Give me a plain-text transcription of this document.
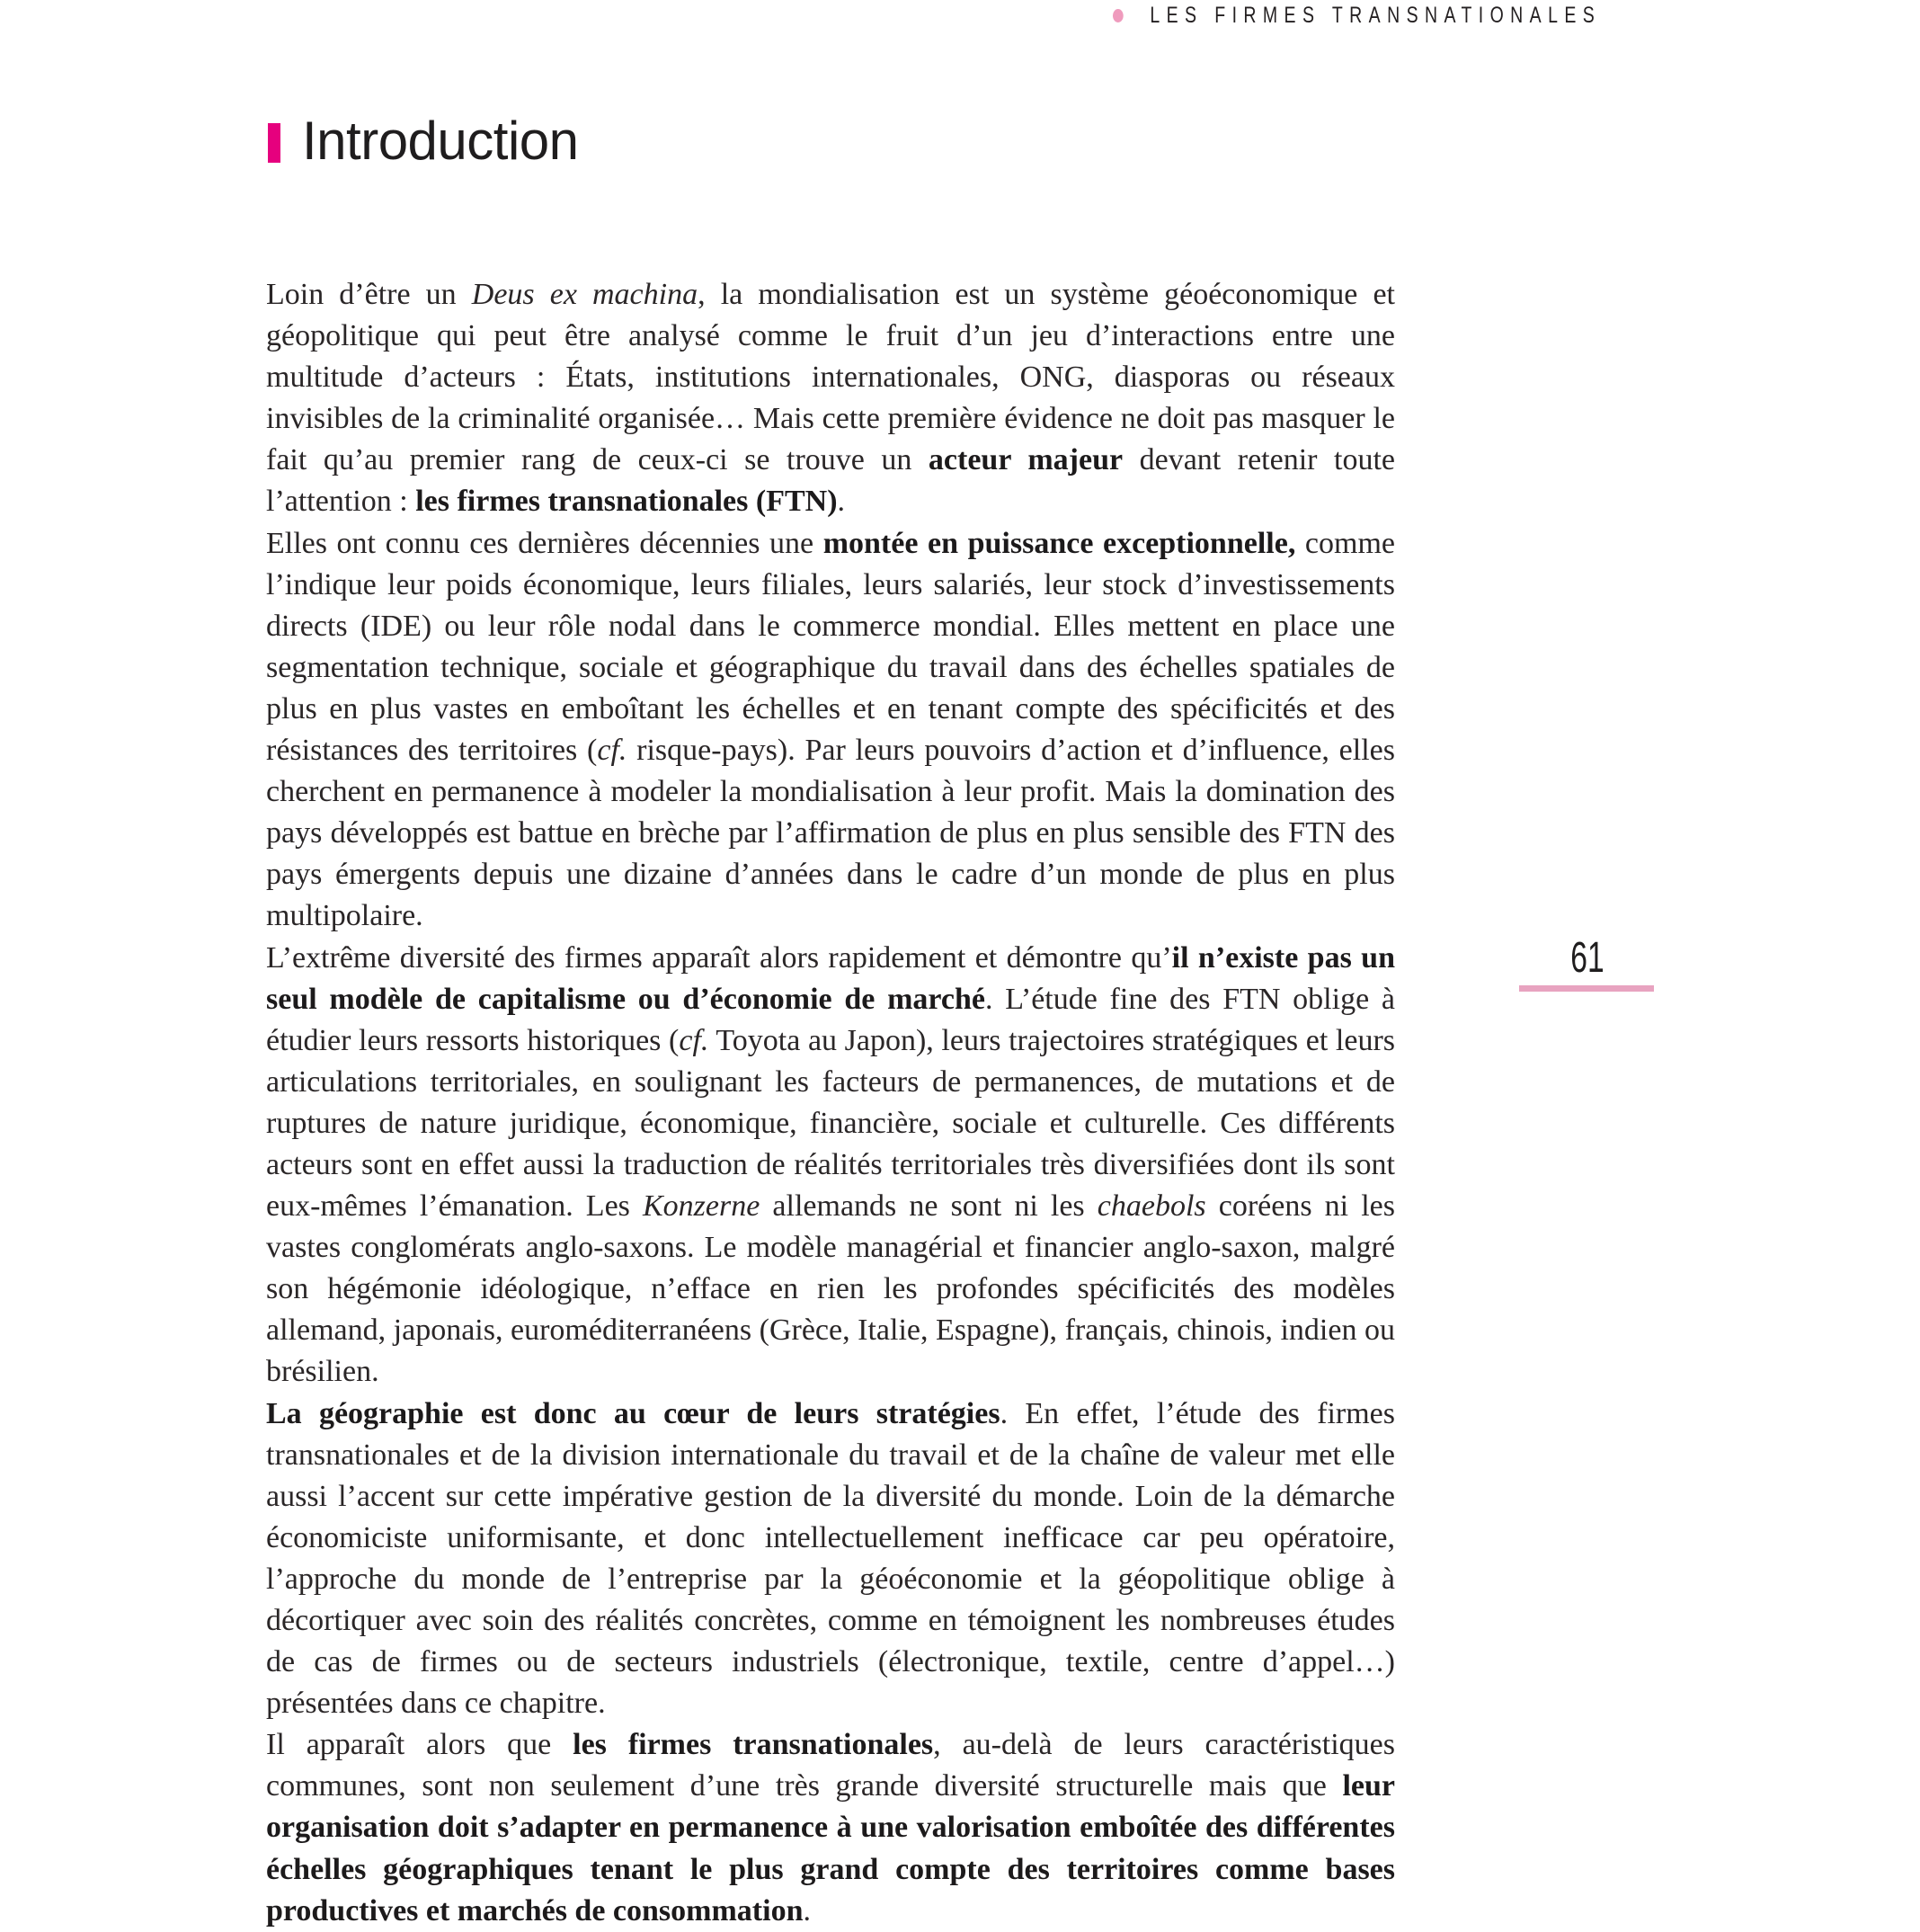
LES FIRMES TRANSNATIONALES
Introduction

Loin d’être un Deus ex machina, la mondialisation est un système géoéconomique et géopolitique qui peut être analysé comme le fruit d’un jeu d’interactions entre une multitude d’acteurs : États, institutions internationales, ONG, diasporas ou réseaux invisibles de la criminalité organisée… Mais cette première évidence ne doit pas masquer le fait qu’au premier rang de ceux-ci se trouve un acteur majeur devant retenir toute l’attention : les firmes transnationales (FTN).

Elles ont connu ces dernières décennies une montée en puissance exceptionnelle, comme l’indique leur poids économique, leurs filiales, leurs salariés, leur stock d’investissements directs (IDE) ou leur rôle nodal dans le commerce mondial. Elles mettent en place une segmentation technique, sociale et géographique du travail dans des échelles spatiales de plus en plus vastes en emboîtant les échelles et en tenant compte des spécificités et des résistances des territoires (cf. risque-pays). Par leurs pouvoirs d’action et d’influence, elles cherchent en permanence à modeler la mondialisation à leur profit. Mais la domination des pays développés est battue en brèche par l’affirmation de plus en plus sensible des FTN des pays émergents depuis une dizaine d’années dans le cadre d’un monde de plus en plus multipolaire.

L’extrême diversité des firmes apparaît alors rapidement et démontre qu’il n’existe pas un seul modèle de capitalisme ou d’économie de marché. L’étude fine des FTN oblige à étudier leurs ressorts historiques (cf. Toyota au Japon), leurs trajectoires stratégiques et leurs articulations territoriales, en soulignant les facteurs de permanences, de mutations et de ruptures de nature juridique, économique, financière, sociale et culturelle. Ces différents acteurs sont en effet aussi la traduction de réalités territoriales très diversifiées dont ils sont eux-mêmes l’émanation. Les Konzerne allemands ne sont ni les chaebols coréens ni les vastes conglomérats anglo-saxons. Le modèle managérial et financier anglo-saxon, malgré son hégémonie idéologique, n’efface en rien les profondes spécificités des modèles allemand, japonais, euroméditerranéens (Grèce, Italie, Espagne), français, chinois, indien ou brésilien.

La géographie est donc au cœur de leurs stratégies. En effet, l’étude des firmes transnationales et de la division internationale du travail et de la chaîne de valeur met elle aussi l’accent sur cette impérative gestion de la diversité du monde. Loin de la démarche économiciste uniformisante, et donc intellectuellement inefficace car peu opératoire, l’approche du monde de l’entreprise par la géoéconomie et la géopolitique oblige à décortiquer avec soin des réalités concrètes, comme en témoignent les nombreuses études de cas de firmes ou de secteurs industriels (électronique, textile, centre d’appel…) présentées dans ce chapitre.

Il apparaît alors que les firmes transnationales, au-delà de leurs caractéristiques communes, sont non seulement d’une très grande diversité structurelle mais que leur organisation doit s’adapter en permanence à une valorisation emboîtée des différentes échelles géographiques tenant le plus grand compte des territoires comme bases productives et marchés de consommation.

61
